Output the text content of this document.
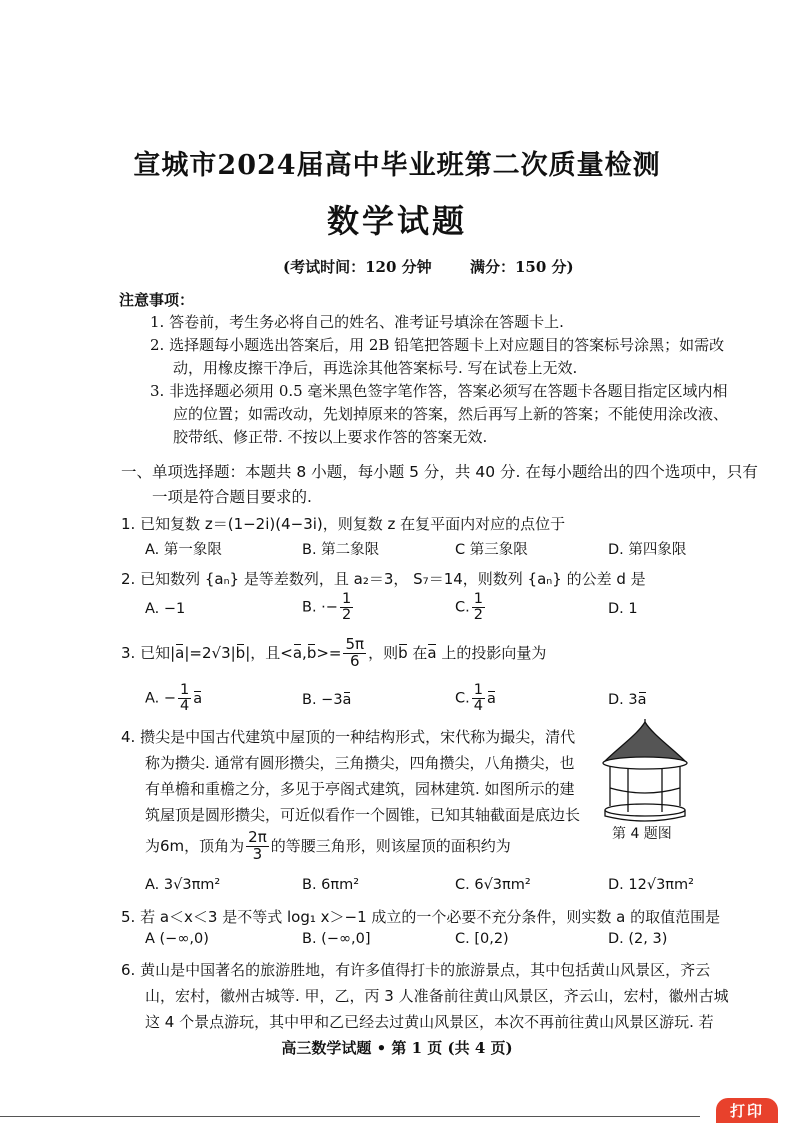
宣城市2024届高中毕业班第二次质量检测
数学试题
(考试时间：120 分钟	满分：150 分)
注意事项：
1. 答卷前，考生务必将自己的姓名、准考证号填涂在答题卡上.
2. 选择题每小题选出答案后，用 2B 铅笔把答题卡上对应题目的答案标号涂黑；如需改
动，用橡皮擦干净后，再选涂其他答案标号. 写在试卷上无效.
3. 非选择题必须用 0.5 毫米黑色签字笔作答，答案必须写在答题卡各题目指定区域内相
应的位置；如需改动，先划掉原来的答案，然后再写上新的答案；不能使用涂改液、
胶带纸、修正带. 不按以上要求作答的答案无效.
一、单项选择题：本题共 8 小题，每小题 5 分，共 40 分. 在每小题给出的四个选项中，只有
一项是符合题目要求的.
1. 已知复数 z＝(1−2i)(4−3i)，则复数 z 在复平面内对应的点位于
A. 第一象限	B. 第二象限	C 第三象限	D. 第四象限
2. 已知数列 {aₙ} 是等差数列，且 a₂＝3， S₇＝14，则数列 {aₙ} 的公差 d 是
A. −1	B. ·− $\frac{1}{2}$	C. $\frac{1}{2}$	D. 1
3. 已知|a|=2√3|b|，且$<a,b>= \frac{5\pi}{6}$ ，则b 在a 上的投影向量为
A. − $\frac{1}{4}$ a	B. −3a	C. $\frac{1}{4}$ a	D. 3a
4. 攒尖是中国古代建筑中屋顶的一种结构形式，宋代称为撮尖，清代
称为攒尖. 通常有圆形攒尖，三角攒尖，四角攒尖，八角攒尖，也
有单檐和重檐之分，多见于亭阁式建筑，园林建筑. 如图所示的建
筑屋顶是圆形攒尖，可近似看作一个圆锥，已知其轴截面是底边长
为6m，顶角为 $\frac{2\pi}{3}$ 的等腰三角形，则该屋顶的面积约为
第 4 题图
A. 3√3πm²	B. 6πm²	C. 6√3πm²	D. 12√3πm²
5. 若 a＜x＜3 是不等式 log₁ x＞−1 成立的一个必要不充分条件，则实数 a 的取值范围是
A (−∞,0)	B. (−∞,0]	C. [0,2)	D. (2, 3)
6. 黄山是中国著名的旅游胜地，有许多值得打卡的旅游景点，其中包括黄山风景区，齐云
山，宏村，徽州古城等. 甲，乙，丙 3 人准备前往黄山风景区，齐云山，宏村，徽州古城
这 4 个景点游玩，其中甲和乙已经去过黄山风景区，本次不再前往黄山风景区游玩. 若
高三数学试题 • 第 1 页 (共 4 页)
打印
